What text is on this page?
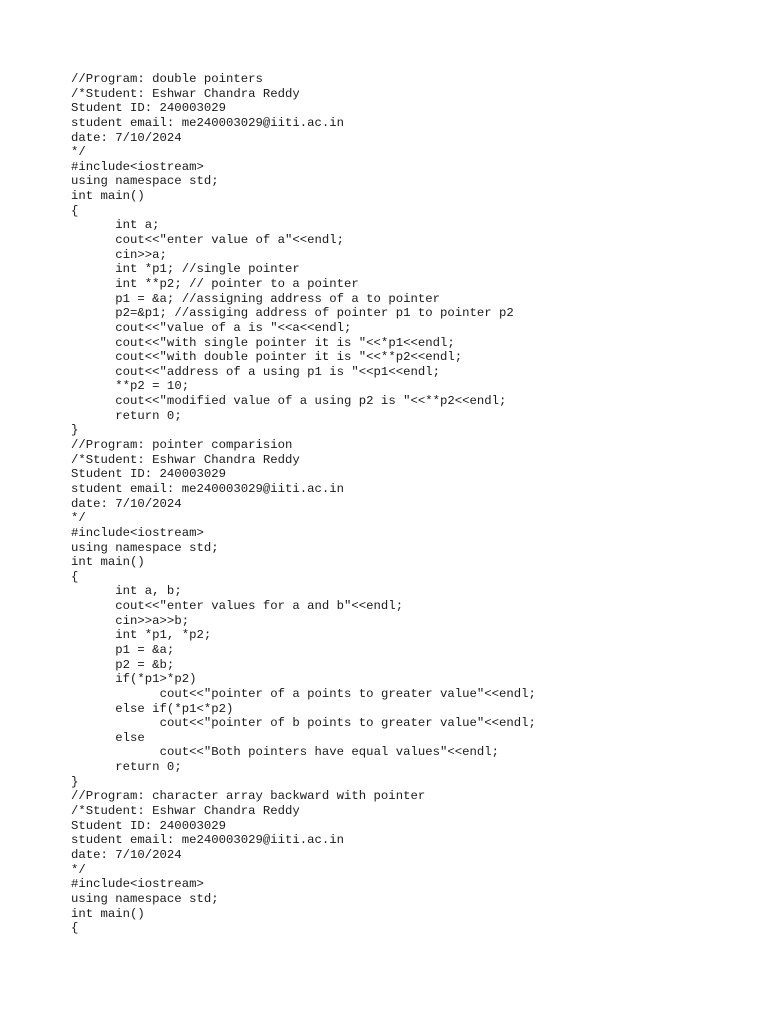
//Program: double pointers
/*Student: Eshwar Chandra Reddy
Student ID: 240003029
student email: me240003029@iiti.ac.in
date: 7/10/2024
*/
#include<iostream>
using namespace std;
int main()
{
	int a;
	cout<<"enter value of a"<<endl;
	cin>>a;
	int *p1; //single pointer
	int **p2; // pointer to a pointer
	p1 = &a; //assigning address of a to pointer
	p2=&p1; //assiging address of pointer p1 to pointer p2
	cout<<"value of a is "<<a<<endl;
	cout<<"with single pointer it is "<<*p1<<endl;
	cout<<"with double pointer it is "<<**p2<<endl;
	cout<<"address of a using p1 is "<<p1<<endl;
	**p2 = 10;
	cout<<"modified value of a using p2 is "<<**p2<<endl;
	return 0;
}
//Program: pointer comparision
/*Student: Eshwar Chandra Reddy
Student ID: 240003029
student email: me240003029@iiti.ac.in
date: 7/10/2024
*/
#include<iostream>
using namespace std;
int main()
{
	int a, b;
	cout<<"enter values for a and b"<<endl;
	cin>>a>>b;
	int *p1, *p2;
	p1 = &a;
	p2 = &b;
	if(*p1>*p2)
		cout<<"pointer of a points to greater value"<<endl;
	else if(*p1<*p2)
		cout<<"pointer of b points to greater value"<<endl;
	else
		cout<<"Both pointers have equal values"<<endl;
	return 0;
}
//Program: character array backward with pointer
/*Student: Eshwar Chandra Reddy
Student ID: 240003029
student email: me240003029@iiti.ac.in
date: 7/10/2024
*/
#include<iostream>
using namespace std;
int main()
{
